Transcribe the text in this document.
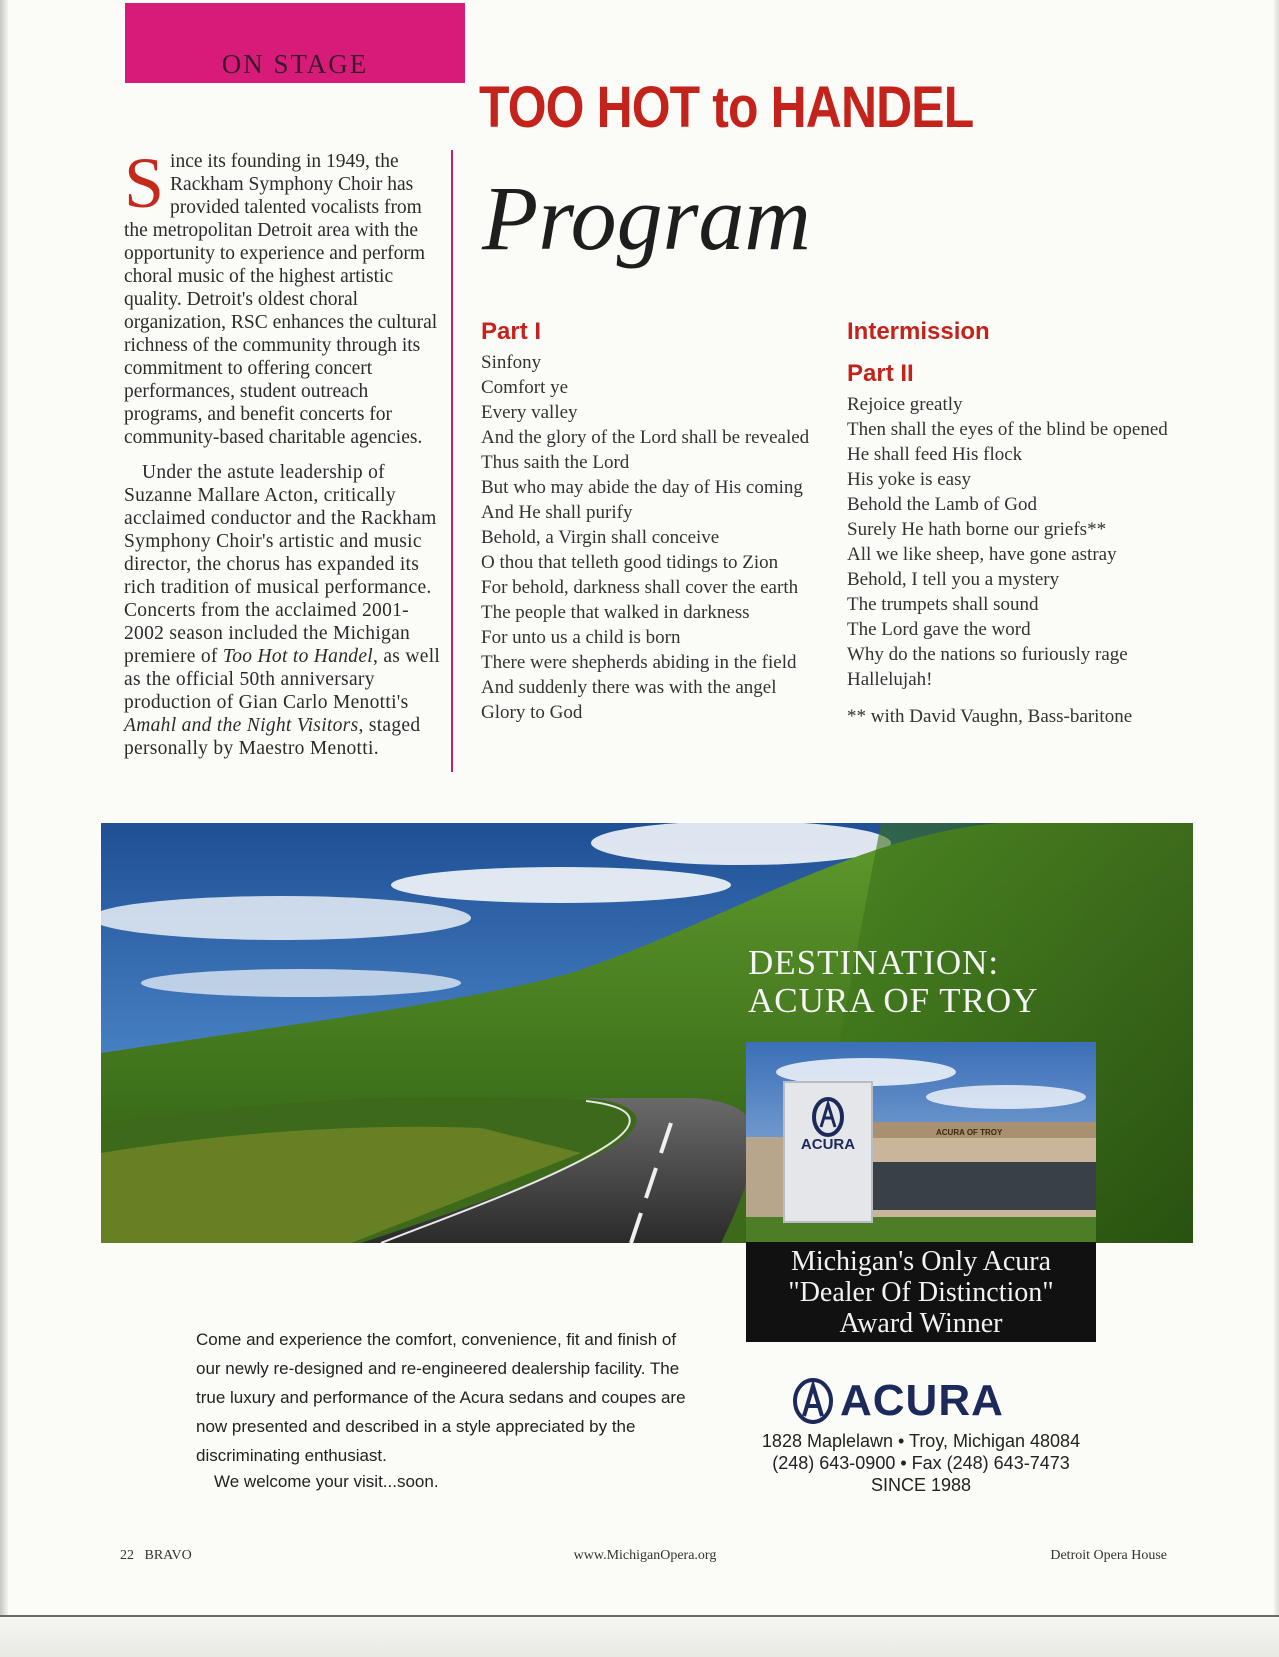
ON STAGE
TOO HOT to HANDEL

Since its founding in 1949, the Rackham Symphony Choir has provided talented vocalists from the metropolitan Detroit area with the opportunity to experience and perform choral music of the highest artistic quality. Detroit's oldest choral organization, RSC enhances the cultural richness of the community through its commitment to offering concert performances, student outreach programs, and benefit concerts for community-based charitable agencies.

Under the astute leadership of Suzanne Mallare Acton, critically acclaimed conductor and the Rackham Symphony Choir's artistic and music director, the chorus has expanded its rich tradition of musical performance. Concerts from the acclaimed 2001-2002 season included the Michigan premiere of Too Hot to Handel, as well as the official 50th anniversary production of Gian Carlo Menotti's Amahl and the Night Visitors, staged personally by Maestro Menotti.

Program
Part I
Sinfony
Comfort ye
Every valley
And the glory of the Lord shall be revealed
Thus saith the Lord
But who may abide the day of His coming
And He shall purify
Behold, a Virgin shall conceive
O thou that telleth good tidings to Zion
For behold, darkness shall cover the earth
The people that walked in darkness
For unto us a child is born
There were shepherds abiding in the field
And suddenly there was with the angel
Glory to God
Intermission
Part II
Rejoice greatly
Then shall the eyes of the blind be opened
He shall feed His flock
His yoke is easy
Behold the Lamb of God
Surely He hath borne our griefs**
All we like sheep, have gone astray
Behold, I tell you a mystery
The trumpets shall sound
The Lord gave the word
Why do the nations so furiously rage
Hallelujah!
** with David Vaughn, Bass-baritone
DESTINATION:
ACURA OF TROY
ACURA OF TROY
ACURA
Michigan's Only Acura
"Dealer Of Distinction"
Award Winner
Come and experience the comfort, convenience, fit and finish of our newly re-designed and re-engineered dealership facility. The true luxury and performance of the Acura sedans and coupes are now presented and described in a style appreciated by the discriminating enthusiast.
We welcome your visit...soon.
ACURA
1828 Maplelawn • Troy, Michigan 48084
(248) 643-0900 • Fax (248) 643-7473
SINCE 1988
22   BRAVO	www.MichiganOpera.org	Detroit Opera House
